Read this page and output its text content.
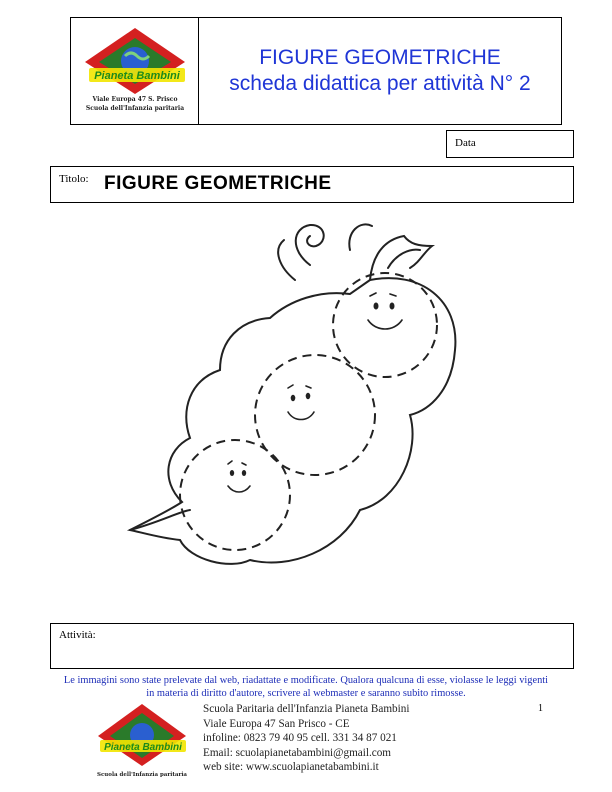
Pianeta Bambini
Viale Europa 47 S. Prisco
Scuola dell'Infanzia paritaria
FIGURE GEOMETRICHE
scheda didattica per attività N° 2
Data
Titolo: FIGURE GEOMETRICHE
Attività:
Le immagini sono state prelevate dal web, riadattate e modificate. Qualora qualcuna di esse, violasse le leggi vigenti
in materia di diritto d'autore, scrivere al webmaster e saranno subito rimosse.
Pianeta Bambini
Scuola dell'Infanzia paritaria
Scuola Paritaria dell'Infanzia Pianeta Bambini
Viale Europa 47 San Prisco - CE
infoline: 0823 79 40 95 cell. 331 34 87 021
Email: scuolapianetabambini@gmail.com
web site: www.scuolapianetabambini.it
1
